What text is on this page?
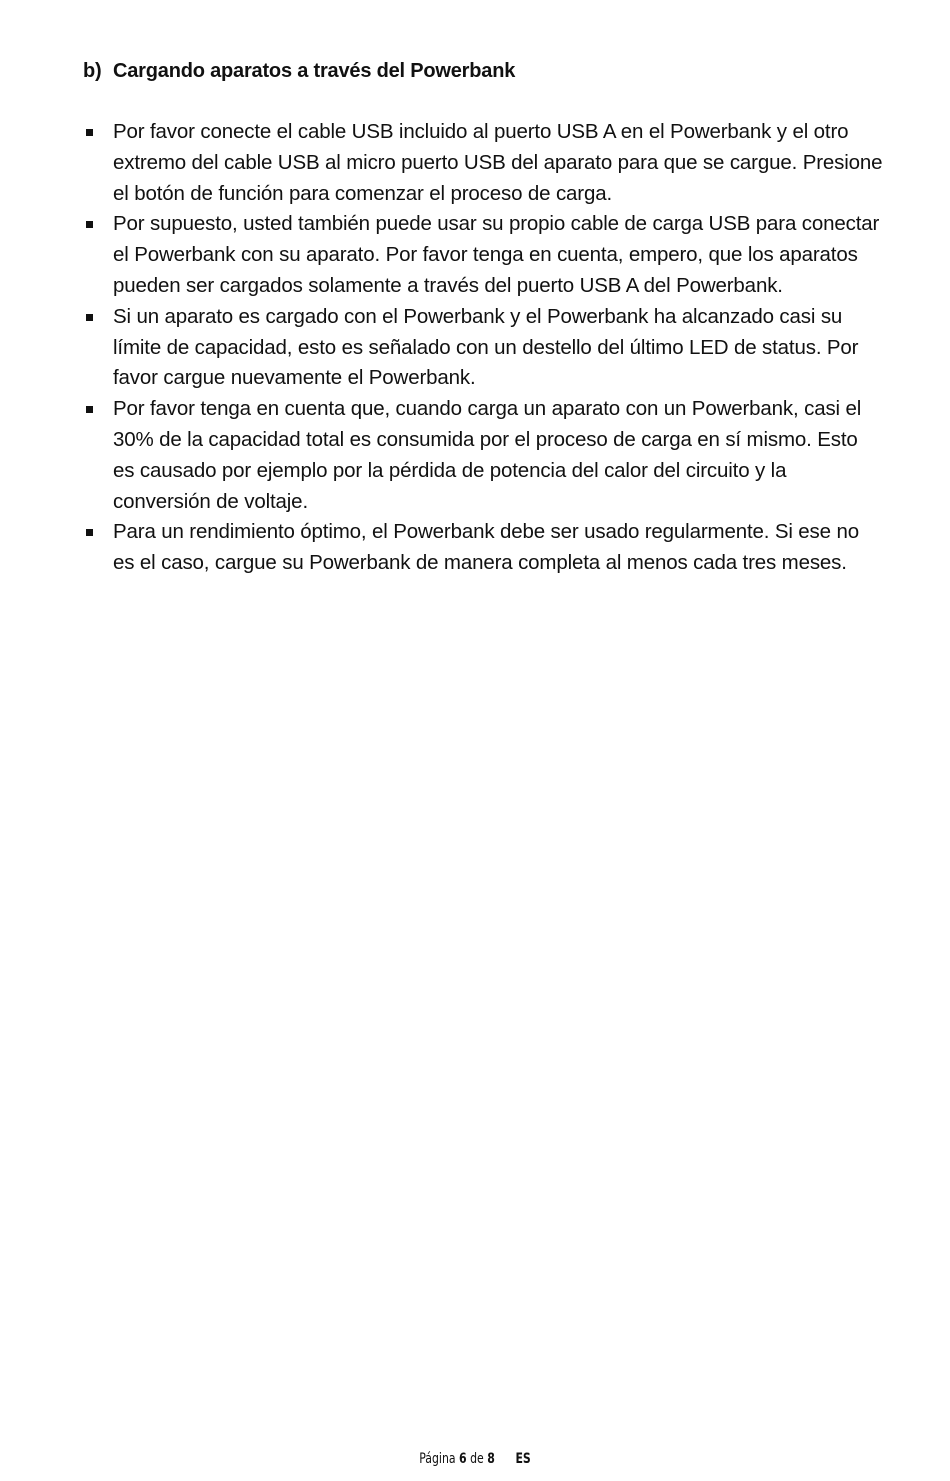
b) Cargando aparatos a través del Powerbank
Por favor conecte el cable USB incluido al puerto USB A en el Powerbank y el otro extremo del cable USB al micro puerto USB del aparato para que se cargue. Presione el botón de función para comenzar el proceso de carga.
Por supuesto, usted también puede usar su propio cable de carga USB para conectar el Powerbank con su aparato. Por favor tenga en cuenta, empero, que los aparatos pueden ser cargados solamente a través del puerto USB A del Powerbank.
Si un aparato es cargado con el Powerbank y el Powerbank ha alcanzado casi su límite de capacidad, esto es señalado con un destello del último LED de status. Por favor cargue nuevamente el Powerbank.
Por favor tenga en cuenta que, cuando carga un aparato con un Powerbank, casi el 30% de la capacidad total es consumida por el proceso de carga en sí mismo. Esto es causado por ejemplo por la pérdida de potencia del calor del circuito y la conversión de voltaje.
Para un rendimiento óptimo, el Powerbank debe ser usado regularmente. Si ese no es el caso, cargue su Powerbank de manera completa al menos cada tres meses.
Página 6 de 8 ES
